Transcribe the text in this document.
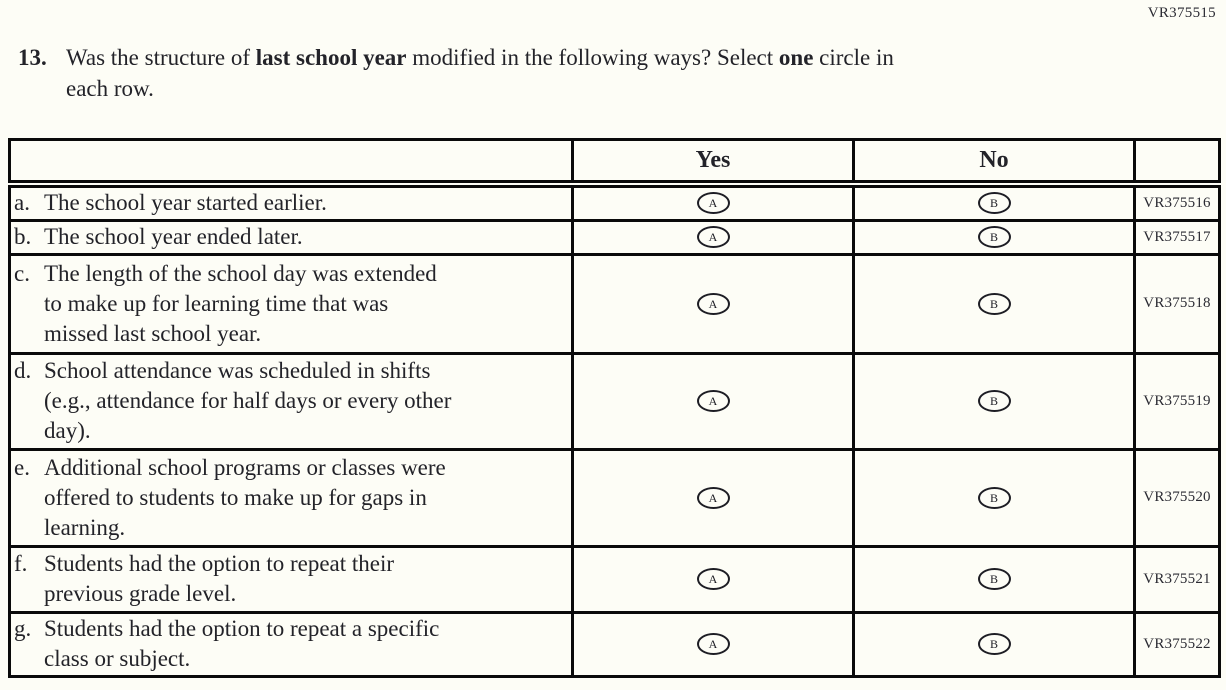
VR375515
13. Was the structure of last school year modified in the following ways? Select one circle in
each row.

	Yes	No	

a. The school year started earlier.	A	B	VR375516

b. The school year ended later.	A	B	VR375517

c. The length of the school day was extended
to make up for learning time that was
missed last school year.	A	B	VR375518

d. School attendance was scheduled in shifts
(e.g., attendance for half days or every other
day).	A	B	VR375519

e. Additional school programs or classes were
offered to students to make up for gaps in
learning.	A	B	VR375520

f. Students had the option to repeat their
previous grade level.	A	B	VR375521

g. Students had the option to repeat a specific
class or subject.	A	B	VR375522
